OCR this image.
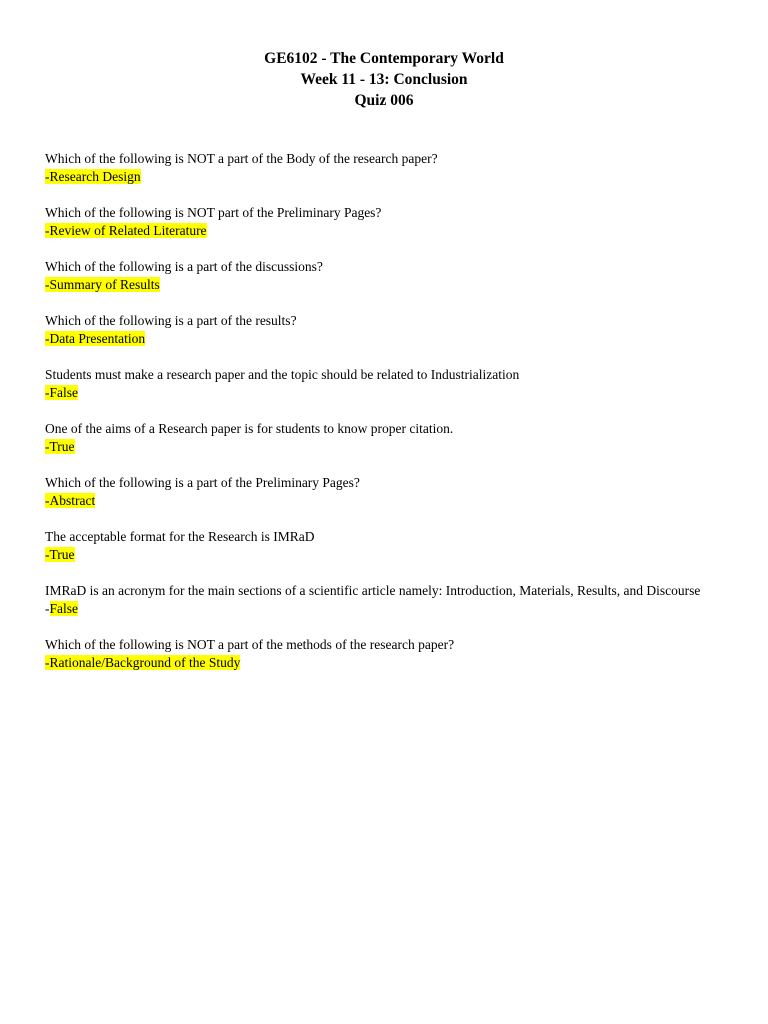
GE6102 - The Contemporary World
Week 11 - 13: Conclusion
Quiz 006
Which of the following is NOT a part of the Body of the research paper?
-Research Design
Which of the following is NOT part of the Preliminary Pages?
-Review of Related Literature
Which of the following is a part of the discussions?
-Summary of Results
Which of the following is a part of the results?
-Data Presentation
Students must make a research paper and the topic should be related to Industrialization
-False
One of the aims of a Research paper is for students to know proper citation.
-True
Which of the following is a part of the Preliminary Pages?
-Abstract
The acceptable format for the Research is IMRaD
-True
IMRaD is an acronym for the main sections of a scientific article namely: Introduction, Materials, Results, and Discourse
-False
Which of the following is NOT a part of the methods of the research paper?
-Rationale/Background of the Study
